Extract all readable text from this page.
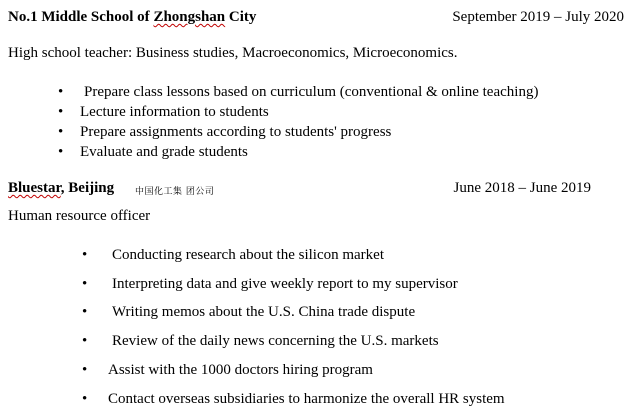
No.1 Middle School of Zhongshan City	September 2019 – July 2020
High school teacher: Business studies, Macroeconomics, Microeconomics.
• Prepare class lessons based on curriculum (conventional & online teaching)
• Lecture information to students
• Prepare assignments according to students' progress
• Evaluate and grade students
Bluestar, Beijing 中国化工集 团公司	June 2018 – June 2019
Human resource officer
• Conducting research about the silicon market
• Interpreting data and give weekly report to my supervisor
• Writing memos about the U.S. China trade dispute
• Review of the daily news concerning the U.S. markets
• Assist with the 1000 doctors hiring program
• Contact overseas subsidiaries to harmonize the overall HR system
